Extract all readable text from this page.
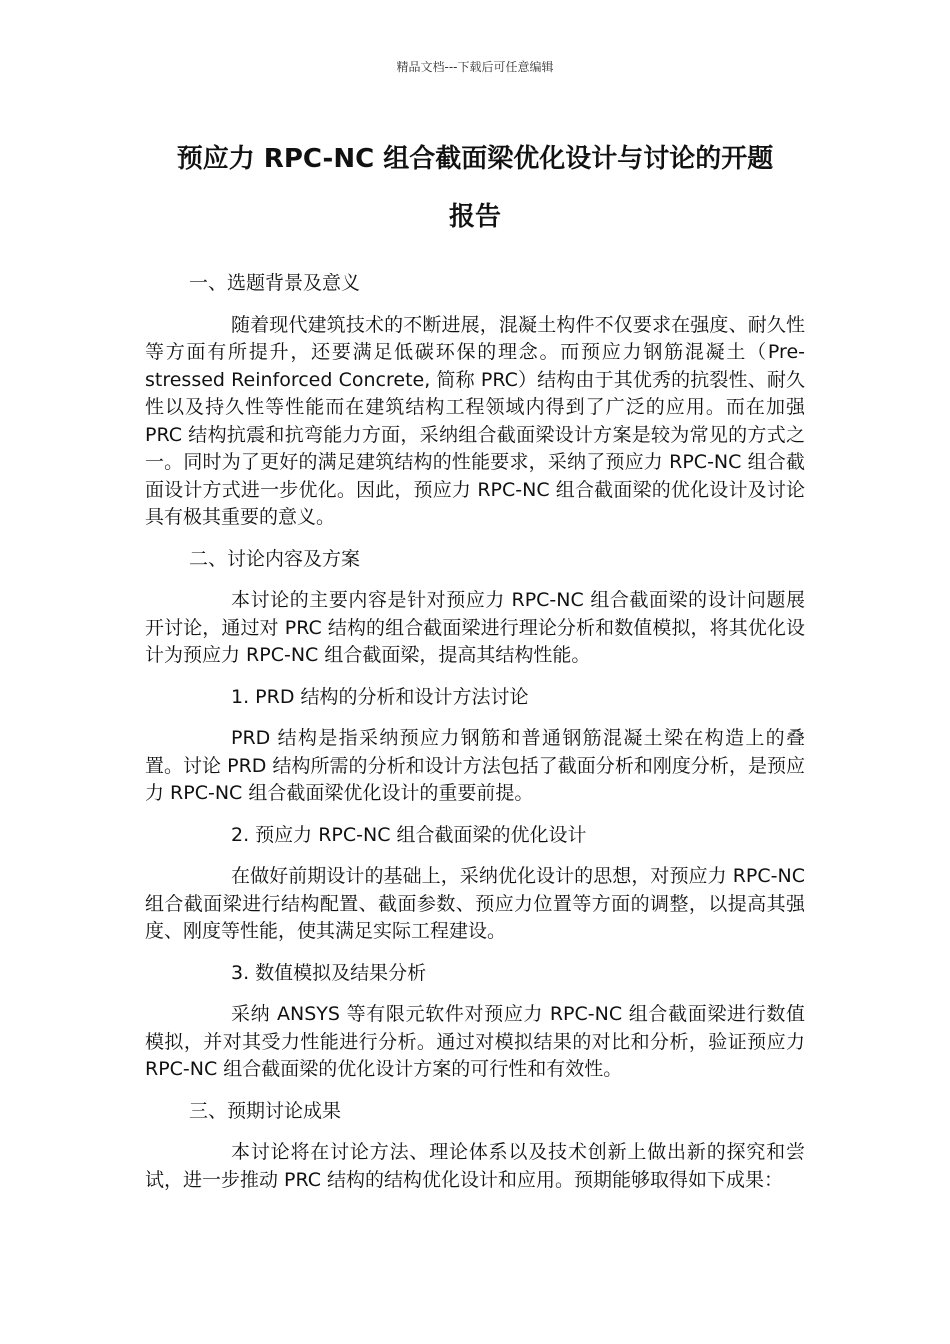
精品文档---下载后可任意编辑
预应力 RPC-NC 组合截面梁优化设计与讨论的开题
报告
一、选题背景及意义
随着现代建筑技术的不断进展，混凝土构件不仅要求在强度、耐久性等方面有所提升，还要满足低碳环保的理念。而预应力钢筋混凝土（Pre-stressed Reinforced Concrete, 简称 PRC）结构由于其优秀的抗裂性、耐久性以及持久性等性能而在建筑结构工程领域内得到了广泛的应用。而在加强 PRC 结构抗震和抗弯能力方面，采纳组合截面梁设计方案是较为常见的方式之一。同时为了更好的满足建筑结构的性能要求，采纳了预应力 RPC-NC 组合截面设计方式进一步优化。因此，预应力 RPC-NC 组合截面梁的优化设计及讨论具有极其重要的意义。
二、讨论内容及方案
本讨论的主要内容是针对预应力 RPC-NC 组合截面梁的设计问题展开讨论，通过对 PRC 结构的组合截面梁进行理论分析和数值模拟，将其优化设计为预应力 RPC-NC 组合截面梁，提高其结构性能。
1. PRD 结构的分析和设计方法讨论
PRD 结构是指采纳预应力钢筋和普通钢筋混凝土梁在构造上的叠置。讨论 PRD 结构所需的分析和设计方法包括了截面分析和刚度分析，是预应力 RPC-NC 组合截面梁优化设计的重要前提。
2. 预应力 RPC-NC 组合截面梁的优化设计
在做好前期设计的基础上，采纳优化设计的思想，对预应力 RPC-NC 组合截面梁进行结构配置、截面参数、预应力位置等方面的调整，以提高其强度、刚度等性能，使其满足实际工程建设。
3. 数值模拟及结果分析
采纳 ANSYS 等有限元软件对预应力 RPC-NC 组合截面梁进行数值模拟，并对其受力性能进行分析。通过对模拟结果的对比和分析，验证预应力 RPC-NC 组合截面梁的优化设计方案的可行性和有效性。
三、预期讨论成果
本讨论将在讨论方法、理论体系以及技术创新上做出新的探究和尝试，进一步推动 PRC 结构的结构优化设计和应用。预期能够取得如下成果：
